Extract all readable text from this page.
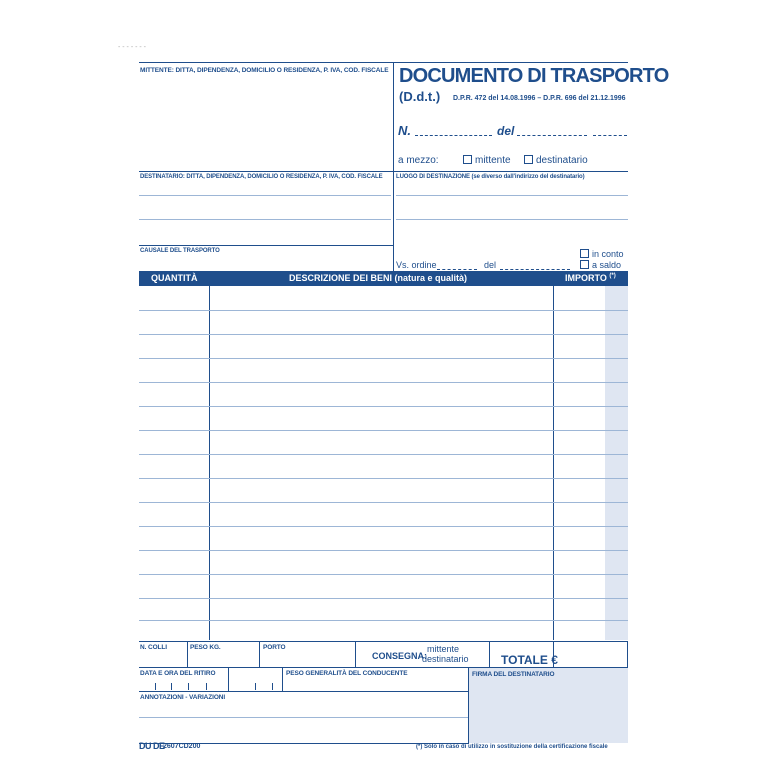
- - - - - - -
MITTENTE: DITTA, DIPENDENZA, DOMICILIO O RESIDENZA, P. IVA, COD. FISCALE DOCUMENTO DI TRASPORTO
(D.d.t.) D.P.R. 472 del 14.08.1996 – D.P.R. 696 del 21.12.1996
N.	del
a mezzo:	mittente	destinatario
DESTINATARIO: DITTA, DIPENDENZA, DOMICILIO O RESIDENZA, P. IVA, COD. FISCALE LUOGO DI DESTINAZIONE (se diverso dall'indirizzo del destinatario)
CAUSALE DEL TRASPORTO
Vs. ordine	del
in conto
a saldo
QUANTITÀ	DESCRIZIONE DEI BENI (natura e qualità)	IMPORTO (*)
N. COLLI	PESO KG.	PORTO
CONSEGNA:
mittente
destinatario	TOTALE €
DATA E ORA DEL RITIRO	PESO GENERALITÀ DEL CONDUCENTE	FIRMA DEL DESTINATARIO
ANNOTAZIONI - VARIAZIONI
DU DE
2607CD200	(*) Solo in caso di utilizzo in sostituzione della certificazione fiscale
